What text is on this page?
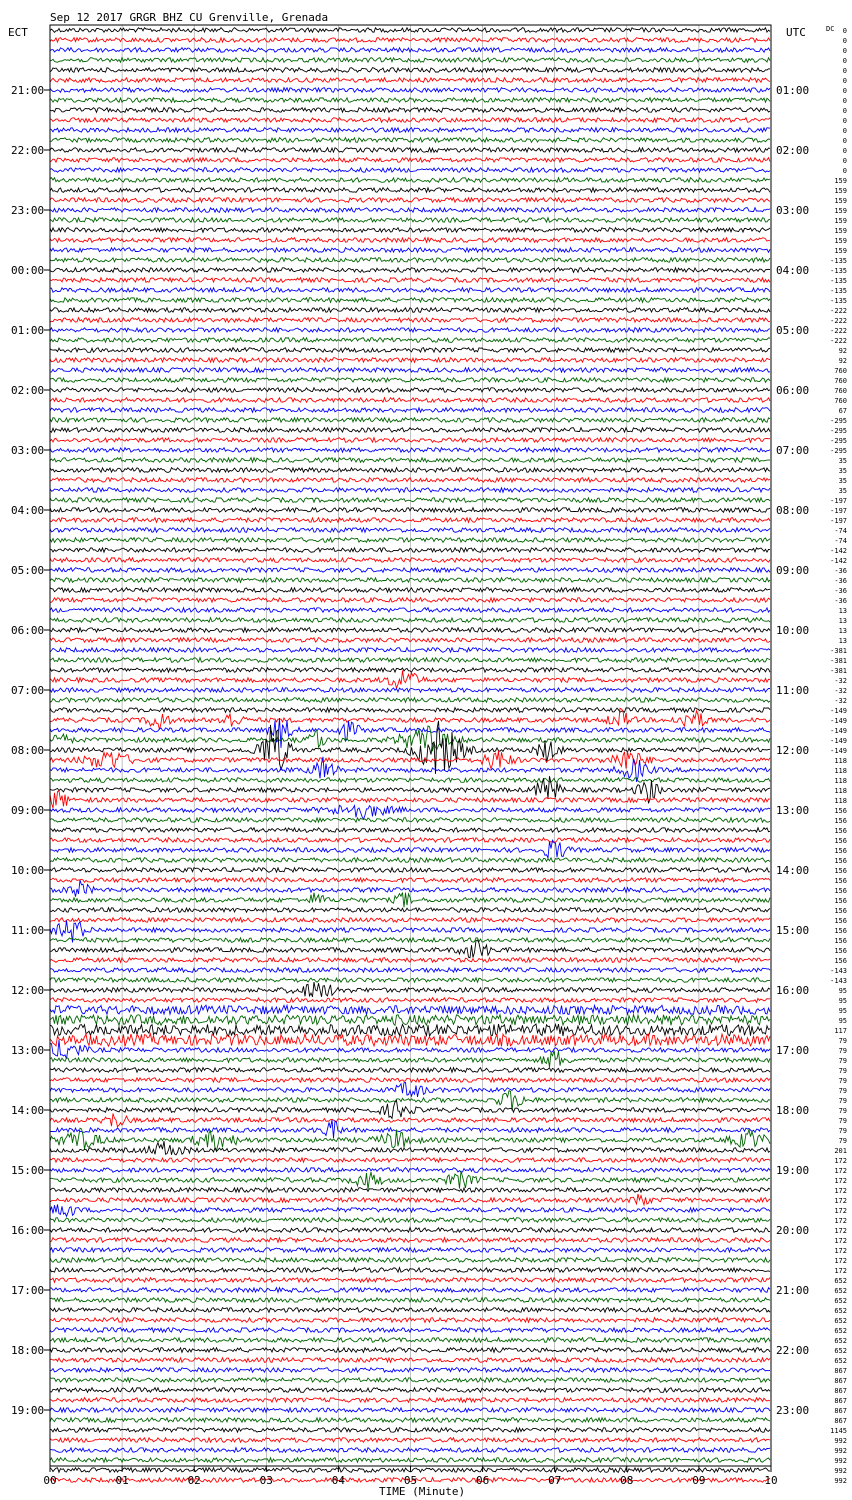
Sep 12 2017 GRGR BHZ CU Grenville, Grenada
ECT	UTC	DC
TIME (Minute)
00	01	02	03	04	05	06	07	08	09	10
21:00
22:00
23:00
00:00
01:00
02:00
03:00
04:00
05:00
06:00
07:00
08:00
09:00
10:00
11:00
12:00
13:00
14:00
15:00
16:00
17:00
18:00
19:00
01:00
02:00
03:00
04:00
05:00
06:00
07:00
08:00
09:00
10:00
11:00
12:00
13:00
14:00
15:00
16:00
17:00
18:00
19:00
20:00
21:00
22:00
23:00
0
0
0
0
0
0
0
0
0
0
0
0
0
0
0
159
159
159
159
159
159
159
159
-135
-135
-135
-135
-135
-222
-222
-222
-222
92
92
760
760
760
760
67
-295
-295
-295
-295
35
35
35
35
-197
-197
-197
-74
-74
-142
-142
-36
-36
-36
-36
13
13
13
13
-381
-381
-381
-32
-32
-32
-149
-149
-149
-149
-149
118
118
118
118
118
156
156
156
156
156
156
156
156
156
156
156
156
156
156
156
156
-143
-143
95
95
95
95
117
79
79
79
79
79
79
79
79
79
79
79
201
172
172
172
172
172
172
172
172
172
172
172
172
652
652
652
652
652
652
652
652
652
867
867
867
867
867
867
1145
992
992
992
992
992
